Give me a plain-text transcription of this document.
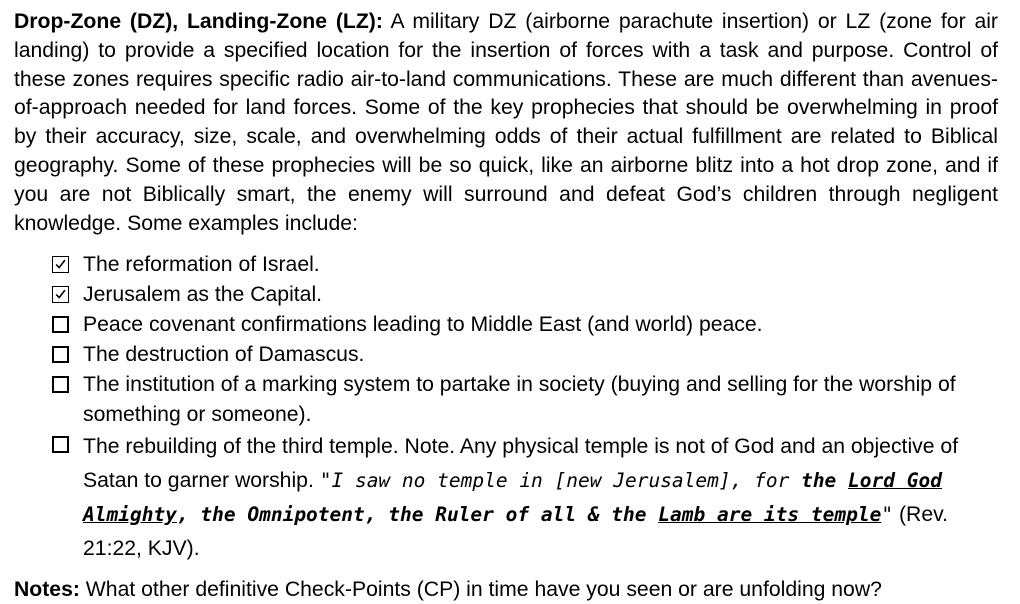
Drop-Zone (DZ), Landing-Zone (LZ): A military DZ (airborne parachute insertion) or LZ (zone for air landing) to provide a specified location for the insertion of forces with a task and purpose. Control of these zones requires specific radio air-to-land communications. These are much different than avenues-of-approach needed for land forces. Some of the key prophecies that should be overwhelming in proof by their accuracy, size, scale, and overwhelming odds of their actual fulfillment are related to Biblical geography. Some of these prophecies will be so quick, like an airborne blitz into a hot drop zone, and if you are not Biblically smart, the enemy will surround and defeat God’s children through negligent knowledge. Some examples include:

The reformation of Israel.
Jerusalem as the Capital.
Peace covenant confirmations leading to Middle East (and world) peace.
The destruction of Damascus.
The institution of a marking system to partake in society (buying and selling for the worship of something or someone).
The rebuilding of the third temple. Note. Any physical temple is not of God and an objective of Satan to garner worship. "I saw no temple in [new Jerusalem], for the Lord God Almighty, the Omnipotent, the Ruler of all & the Lamb are its temple" (Rev. 21:22, KJV).

Notes: What other definitive Check-Points (CP) in time have you seen or are unfolding now?
